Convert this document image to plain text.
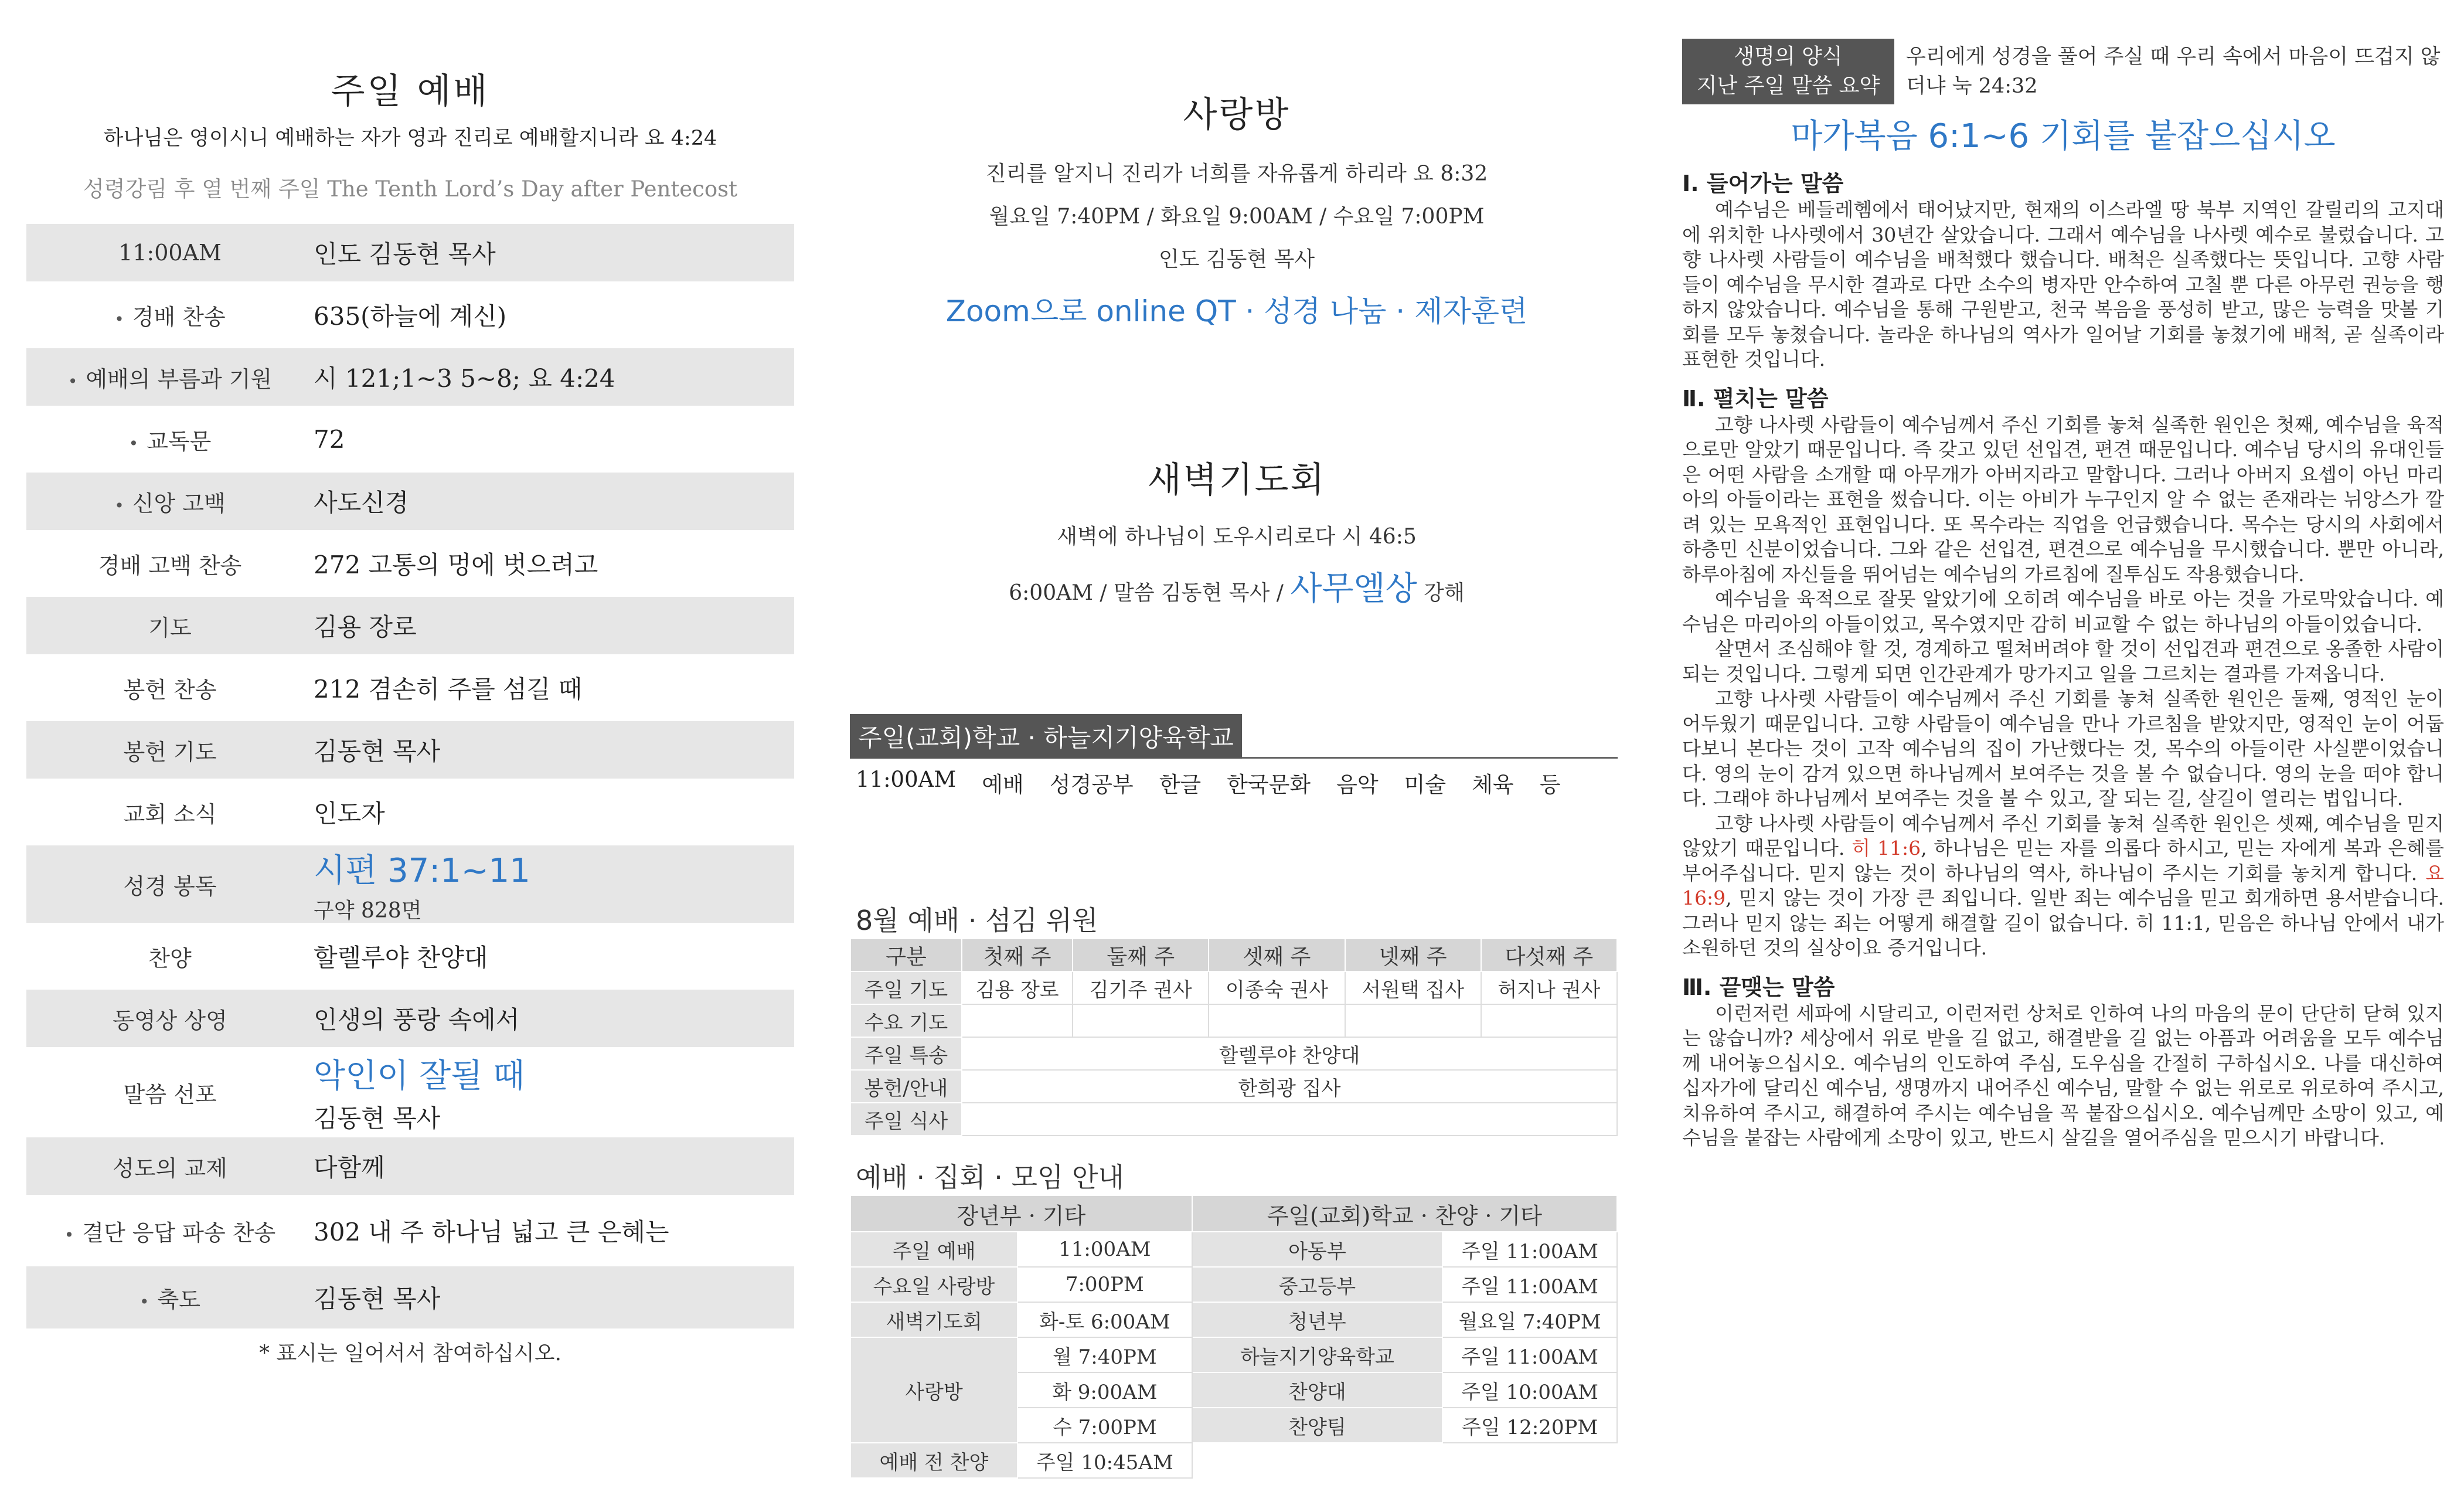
주일 예배
하나님은 영이시니 예배하는 자가 영과 진리로 예배할지니라 요 4:24
성령강림 후 열 번째 주일 The Tenth Lord’s Day after Pentecost
11:00AM	인도 김동현 목사
• 경배 찬송	635(하늘에 계신)
• 예배의 부름과 기원	시 121;1~3 5~8; 요 4:24
• 교독문	72
• 신앙 고백	사도신경
경배 고백 찬송	272 고통의 멍에 벗으려고
기도	김용 장로
봉헌 찬송	212 겸손히 주를 섬길 때
봉헌 기도	김동현 목사
교회 소식	인도자
성경 봉독	시편 37:1~11
구약 828면
찬양	할렐루야 찬양대
동영상 상영	인생의 풍랑 속에서
말씀 선포	악인이 잘될 때
김동현 목사
성도의 교제	다함께
• 결단 응답 파송 찬송	302 내 주 하나님 넓고 큰 은혜는
• 축도	김동현 목사
* 표시는 일어서서 참여하십시오.
사랑방
진리를 알지니 진리가 너희를 자유롭게 하리라 요 8:32
월요일 7:40PM / 화요일 9:00AM / 수요일 7:00PM
인도 김동현 목사
Zoom으로 online QT · 성경 나눔 · 제자훈련
새벽기도회
새벽에 하나님이 도우시리로다 시 46:5
6:00AM / 말씀 김동현 목사 / 사무엘상 강해
주일(교회)학교 · 하늘지기양육학교
11:00AM 예배 성경공부 한글 한국문화 음악 미술 체육 등
8월 예배 · 섬김 위원
구분	첫째 주	둘째 주	셋째 주	넷째 주	다섯째 주
주일 기도	김용 장로	김기주 권사	이종숙 권사	서원택 집사	허지나 권사
수요 기도					
주일 특송	할렐루야 찬양대				
봉헌/안내	한희광 집사				
주일 식사					
예배 · 집회 · 모임 안내
장년부 · 기타		주일(교회)학교 · 찬양 · 기타	
주일 예배	11:00AM	아동부	주일 11:00AM
수요일 사랑방	7:00PM	중고등부	주일 11:00AM
새벽기도회	화-토 6:00AM	청년부	월요일 7:40PM
사랑방	월 7:40PM	하늘지기양육학교	주일 11:00AM
	화 9:00AM	찬양대	주일 10:00AM
	수 7:00PM	찬양팀	주일 12:20PM
예배 전 찬양	주일 10:45AM		
생명의 양식
지난 주일 말씀 요약
우리에게 성경을 풀어 주실 때 우리 속에서 마음이 뜨겁지 않더냐 눅 24:32
마가복음 6:1~6 기회를 붙잡으십시오
Ⅰ. 들어가는 말씀

예수님은 베들레헴에서 태어났지만, 현재의 이스라엘 땅 북부 지역인 갈릴리의 고지대에 위치한 나사렛에서 30년간 살았습니다. 그래서 예수님을 나사렛 예수로 불렀습니다. 고향 나사렛 사람들이 예수님을 배척했다 했습니다. 배척은 실족했다는 뜻입니다. 고향 사람들이 예수님을 무시한 결과로 다만 소수의 병자만 안수하여 고칠 뿐 다른 아무런 권능을 행하지 않았습니다. 예수님을 통해 구원받고, 천국 복음을 풍성히 받고, 많은 능력을 맛볼 기회를 모두 놓쳤습니다. 놀라운 하나님의 역사가 일어날 기회를 놓쳤기에 배척, 곧 실족이라 표현한 것입니다.

Ⅱ. 펼치는 말씀

고향 나사렛 사람들이 예수님께서 주신 기회를 놓쳐 실족한 원인은 첫째, 예수님을 육적으로만 알았기 때문입니다. 즉 갖고 있던 선입견, 편견 때문입니다. 예수님 당시의 유대인들은 어떤 사람을 소개할 때 아무개가 아버지라고 말합니다. 그러나 아버지 요셉이 아닌 마리아의 아들이라는 표현을 썼습니다. 이는 아비가 누구인지 알 수 없는 존재라는 뉘앙스가 깔려 있는 모욕적인 표현입니다. 또 목수라는 직업을 언급했습니다. 목수는 당시의 사회에서 하층민 신분이었습니다. 그와 같은 선입견, 편견으로 예수님을 무시했습니다. 뿐만 아니라, 하루아침에 자신들을 뛰어넘는 예수님의 가르침에 질투심도 작용했습니다.

예수님을 육적으로 잘못 알았기에 오히려 예수님을 바로 아는 것을 가로막았습니다. 예수님은 마리아의 아들이었고, 목수였지만 감히 비교할 수 없는 하나님의 아들이었습니다.

살면서 조심해야 할 것, 경계하고 떨쳐버려야 할 것이 선입견과 편견으로 옹졸한 사람이 되는 것입니다. 그렇게 되면 인간관계가 망가지고 일을 그르치는 결과를 가져옵니다.

고향 나사렛 사람들이 예수님께서 주신 기회를 놓쳐 실족한 원인은 둘째, 영적인 눈이 어두웠기 때문입니다. 고향 사람들이 예수님을 만나 가르침을 받았지만, 영적인 눈이 어둡다보니 본다는 것이 고작 예수님의 집이 가난했다는 것, 목수의 아들이란 사실뿐이었습니다. 영의 눈이 감겨 있으면 하나님께서 보여주는 것을 볼 수 없습니다. 영의 눈을 떠야 합니다. 그래야 하나님께서 보여주는 것을 볼 수 있고, 잘 되는 길, 살길이 열리는 법입니다.

고향 나사렛 사람들이 예수님께서 주신 기회를 놓쳐 실족한 원인은 셋째, 예수님을 믿지 않았기 때문입니다. 히 11:6, 하나님은 믿는 자를 의롭다 하시고, 믿는 자에게 복과 은혜를 부어주십니다. 믿지 않는 것이 하나님의 역사, 하나님이 주시는 기회를 놓치게 합니다. 요 16:9, 믿지 않는 것이 가장 큰 죄입니다. 일반 죄는 예수님을 믿고 회개하면 용서받습니다. 그러나 믿지 않는 죄는 어떻게 해결할 길이 없습니다. 히 11:1, 믿음은 하나님 안에서 내가 소원하던 것의 실상이요 증거입니다.

Ⅲ. 끝맺는 말씀

이런저런 세파에 시달리고, 이런저런 상처로 인하여 나의 마음의 문이 단단히 닫혀 있지는 않습니까? 세상에서 위로 받을 길 없고, 해결받을 길 없는 아픔과 어려움을 모두 예수님께 내어놓으십시오. 예수님의 인도하여 주심, 도우심을 간절히 구하십시오. 나를 대신하여 십자가에 달리신 예수님, 생명까지 내어주신 예수님, 말할 수 없는 위로로 위로하여 주시고, 치유하여 주시고, 해결하여 주시는 예수님을 꼭 붙잡으십시오. 예수님께만 소망이 있고, 예수님을 붙잡는 사람에게 소망이 있고, 반드시 살길을 열어주심을 믿으시기 바랍니다.
